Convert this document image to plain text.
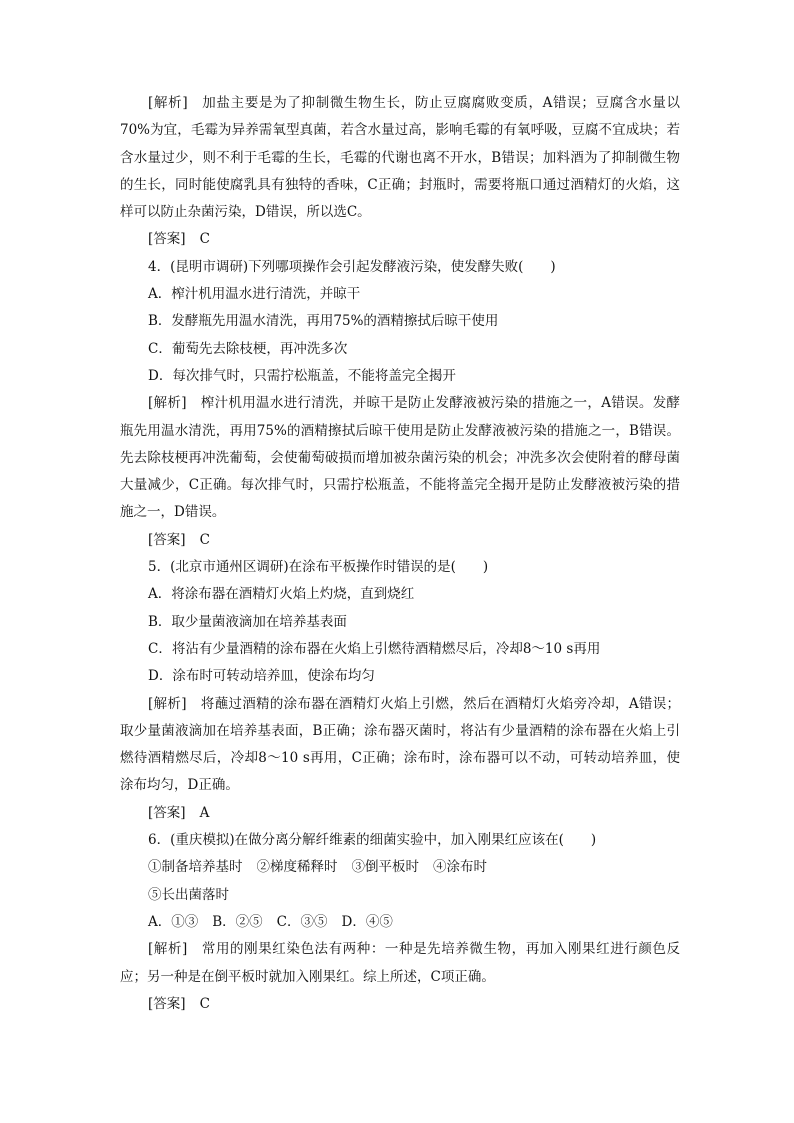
[ 解析 ] 加盐主要是为了抑制微生物生长，防止豆腐腐败变质，A错误；豆腐含水量以70%为宜，毛霉为异养需氧型真菌，若含水量过高，影响毛霉的有氧呼吸，豆腐不宜成块；若含水量过少，则不利于毛霉的生长，毛霉的代谢也离不开水，B错误；加料酒为了抑制微生物的生长，同时能使腐乳具有独特的香味，C正确；封瓶时，需要将瓶口通过酒精灯的火焰，这样可以防止杂菌污染，D错误，所以选C。

[ 答案 ] C

4．(昆明市调研)下列哪项操作会引起发酵液污染，使发酵失败(　　)

A．榨汁机用温水进行清洗，并晾干

B．发酵瓶先用温水清洗，再用75%的酒精擦拭后晾干使用

C．葡萄先去除枝梗，再冲洗多次

D．每次排气时，只需拧松瓶盖，不能将盖完全揭开

[ 解析 ] 榨汁机用温水进行清洗，并晾干是防止发酵液被污染的措施之一，A错误。发酵瓶先用温水清洗，再用75%的酒精擦拭后晾干使用是防止发酵液被污染的措施之一，B错误。先去除枝梗再冲洗葡萄，会使葡萄破损而增加被杂菌污染的机会；冲洗多次会使附着的酵母菌大量减少，C正确。每次排气时，只需拧松瓶盖，不能将盖完全揭开是防止发酵液被污染的措施之一，D错误。

[ 答案 ] C

5．(北京市通州区调研)在涂布平板操作时错误的是(　　)

A．将涂布器在酒精灯火焰上灼烧，直到烧红

B．取少量菌液滴加在培养基表面

C．将沾有少量酒精的涂布器在火焰上引燃待酒精燃尽后，冷却8～10 s再用

D．涂布时可转动培养皿，使涂布均匀

[ 解析 ] 将蘸过酒精的涂布器在酒精灯火焰上引燃，然后在酒精灯火焰旁冷却，A错误；取少量菌液滴加在培养基表面，B正确；涂布器灭菌时，将沾有少量酒精的涂布器在火焰上引燃待酒精燃尽后，冷却8～10 s再用，C正确；涂布时，涂布器可以不动，可转动培养皿，使涂布均匀，D正确。

[ 答案 ] A

6．(重庆模拟)在做分离分解纤维素的细菌实验中，加入刚果红应该在(　　)

①制备培养基时 ②梯度稀释时 ③倒平板时 ④涂布时

⑤长出菌落时

A．①③ B．②⑤ C．③⑤ D．④⑤

[ 解析 ] 常用的刚果红染色法有两种：一种是先培养微生物，再加入刚果红进行颜色反应；另一种是在倒平板时就加入刚果红。综上所述，C项正确。

[ 答案 ] C
